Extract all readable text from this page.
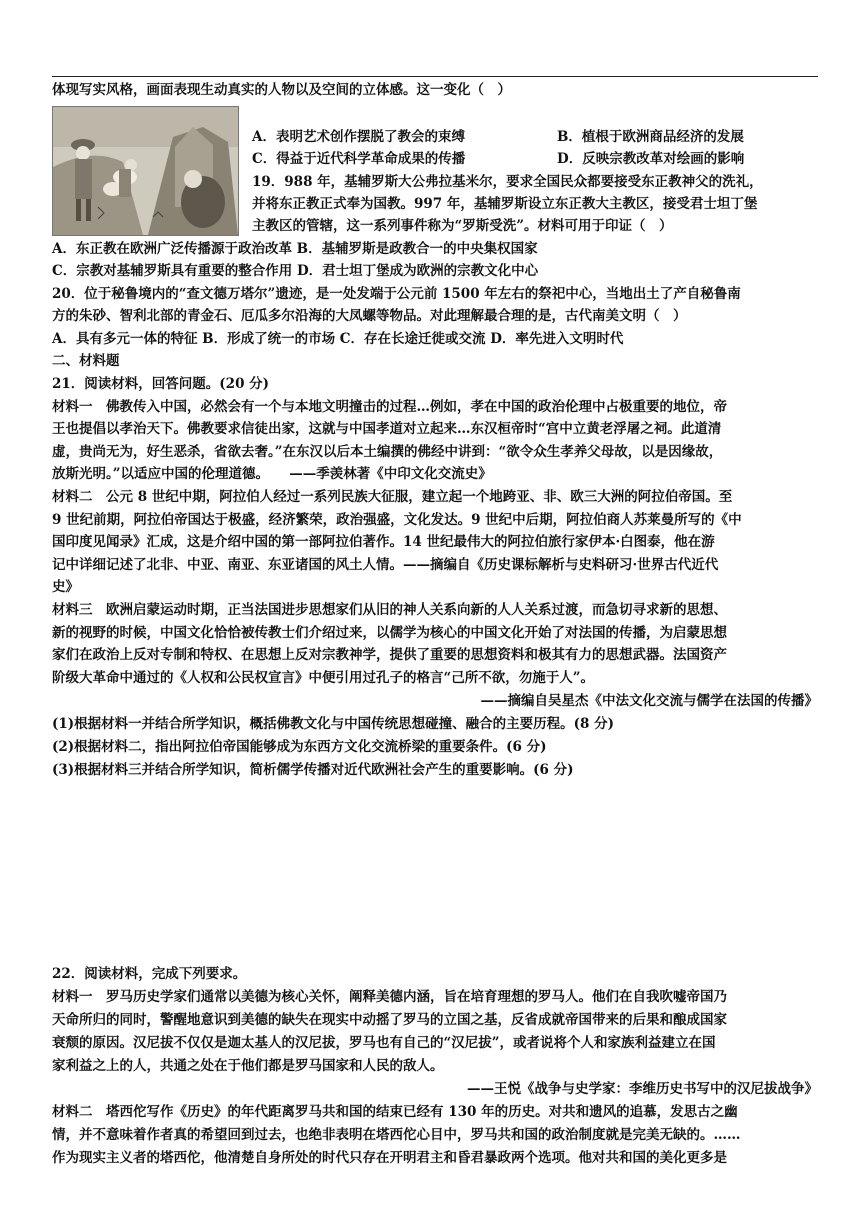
体现写实风格，画面表现生动真实的人物以及空间的立体感。这一变化（　）
A．表明艺术创作摆脱了教会的束缚	B．植根于欧洲商品经济的发展
C．得益于近代科学革命成果的传播	D．反映宗教改革对绘画的影响
19．988 年，基辅罗斯大公弗拉基米尔，要求全国民众都要接受东正教神父的洗礼，
并将东正教正式奉为国教。997 年，基辅罗斯设立东正教大主教区，接受君士坦丁堡
主教区的管辖，这一系列事件称为“罗斯受洗”。材料可用于印证（　）
A．东正教在欧洲广泛传播源于政治改革 B．基辅罗斯是政教合一的中央集权国家
C．宗教对基辅罗斯具有重要的整合作用 D．君士坦丁堡成为欧洲的宗教文化中心
20．位于秘鲁境内的“查文德万塔尔”遗迹，是一处发端于公元前 1500 年左右的祭祀中心，当地出土了产自秘鲁南
方的朱砂、智利北部的青金石、厄瓜多尔沿海的大凤螺等物品。对此理解最合理的是，古代南美文明（　）
A．具有多元一体的特征 B．形成了统一的市场 C．存在长途迁徙或交流 D．率先进入文明时代
二、材料题
21．阅读材料，回答问题。(20 分)
材料一　佛教传入中国，必然会有一个与本地文明撞击的过程…例如，孝在中国的政治伦理中占极重要的地位，帝
王也提倡以孝治天下。佛教要求信徒出家，这就与中国孝道对立起来…东汉桓帝时“宫中立黄老浮屠之祠。此道清
虚，贵尚无为，好生恶杀，省欲去奢。”在东汉以后本土编撰的佛经中讲到：“欲令众生孝养父母故，以是因缘故，
放斯光明。”以适应中国的伦理道德。　　——季羡林著《中印文化交流史》
材料二　公元 8 世纪中期，阿拉伯人经过一系列民族大征服，建立起一个地跨亚、非、欧三大洲的阿拉伯帝国。至
9 世纪前期，阿拉伯帝国达于极盛，经济繁荣，政治强盛，文化发达。9 世纪中后期，阿拉伯商人苏莱曼所写的《中
国印度见闻录》汇成，这是介绍中国的第一部阿拉伯著作。14 世纪最伟大的阿拉伯旅行家伊本·白图泰，他在游
记中详细记述了北非、中亚、南亚、东亚诸国的风土人情。——摘编自《历史课标解析与史料研习·世界古代近代
史》
材料三　欧洲启蒙运动时期，正当法国进步思想家们从旧的神人关系向新的人人关系过渡，而急切寻求新的思想、
新的视野的时候，中国文化恰恰被传教士们介绍过来，以儒学为核心的中国文化开始了对法国的传播，为启蒙思想
家们在政治上反对专制和特权、在思想上反对宗教神学，提供了重要的思想资料和极其有力的思想武器。法国资产
阶级大革命中通过的《人权和公民权宣言》中便引用过孔子的格言“己所不欲，勿施于人”。
——摘编自吴星杰《中法文化交流与儒学在法国的传播》
(1)根据材料一并结合所学知识，概括佛教文化与中国传统思想碰撞、融合的主要历程。(8 分)
(2)根据材料二，指出阿拉伯帝国能够成为东西方文化交流桥梁的重要条件。(6 分)
(3)根据材料三并结合所学知识，简析儒学传播对近代欧洲社会产生的重要影响。(6 分)
22．阅读材料，完成下列要求。
材料一　罗马历史学家们通常以美德为核心关怀，阐释美德内涵，旨在培育理想的罗马人。他们在自我吹嘘帝国乃
天命所归的同时，警醒地意识到美德的缺失在现实中动摇了罗马的立国之基，反省成就帝国带来的后果和酿成国家
衰颓的原因。汉尼拔不仅仅是迦太基人的汉尼拔，罗马也有自己的“汉尼拔”，或者说将个人和家族利益建立在国
家利益之上的人，共通之处在于他们都是罗马国家和人民的敌人。
——王悦《战争与史学家：李维历史书写中的汉尼拔战争》
材料二　塔西佗写作《历史》的年代距离罗马共和国的结束已经有 130 年的历史。对共和遗风的追慕，发思古之幽
情，并不意味着作者真的希望回到过去，也绝非表明在塔西佗心目中，罗马共和国的政治制度就是完美无缺的。……
作为现实主义者的塔西佗，他清楚自身所处的时代只存在开明君主和昏君暴政两个选项。他对共和国的美化更多是
